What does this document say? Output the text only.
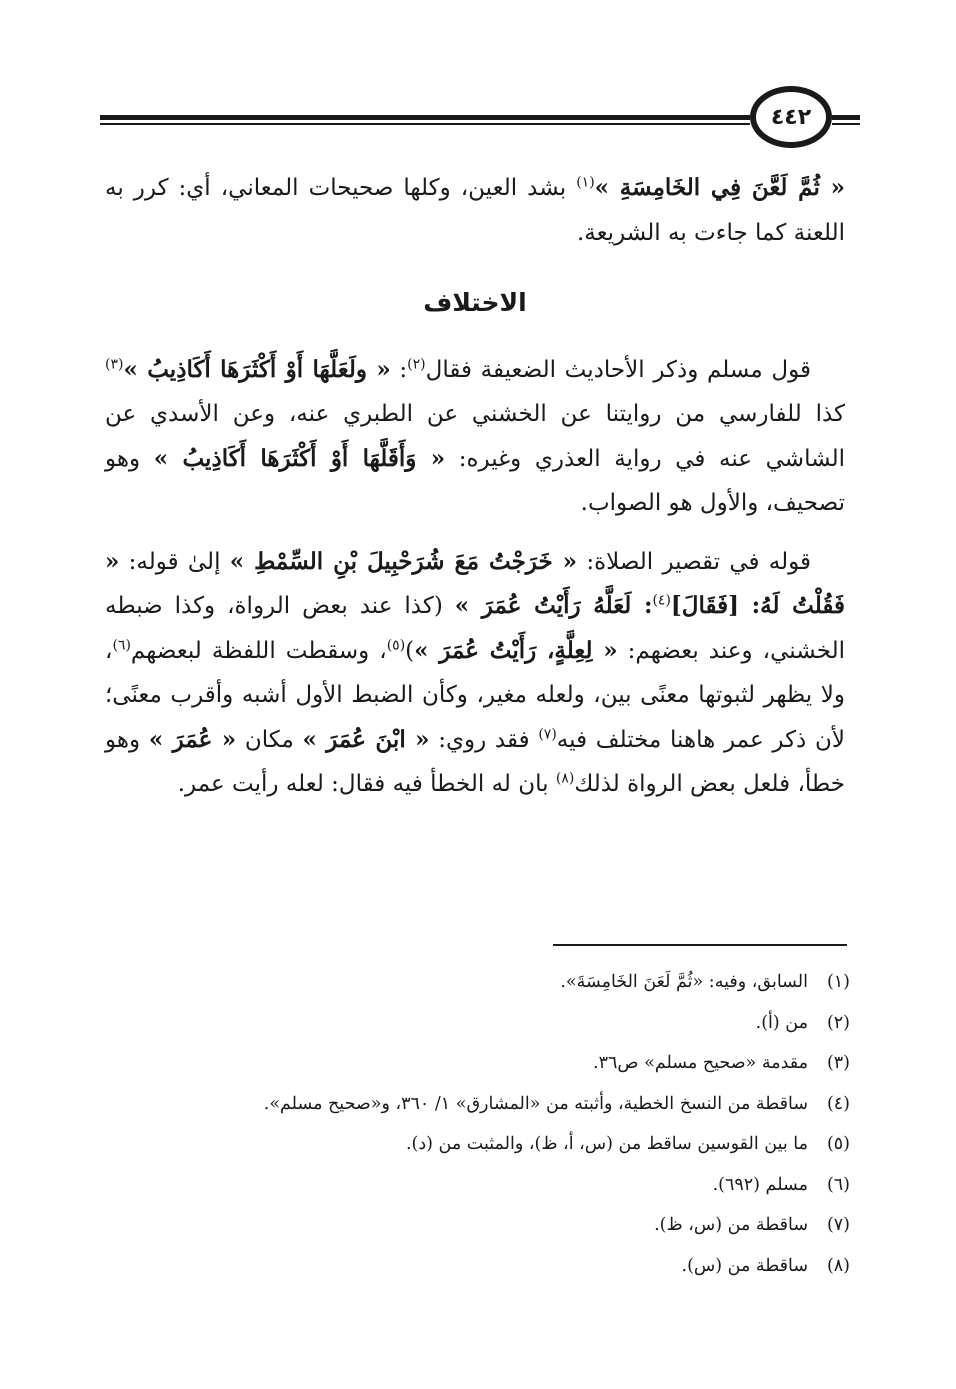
٤٤٢

« ثُمَّ لَعَّنَ فِي الخَامِسَةِ »$^{(١)}$ بشد العين، وكلها صحيحات المعاني، أي: كرر به اللعنة كما جاءت به الشريعة.

الاختلاف

قول مسلم وذكر الأحاديث الضعيفة فقال$^{(٢)}$: « ولَعَلَّهَا أَوْ أَكْثَرَهَا أَكَاذِيبُ »$^{(٣)}$ كذا للفارسي من روايتنا عن الخشني عن الطبري عنه، وعن الأسدي عن الشاشي عنه في رواية العذري وغيره: « وَأَقَلَّهَا أَوْ أَكْثَرَهَا أَكَاذِيبُ » وهو تصحيف، والأول هو الصواب.

قوله في تقصير الصلاة: « خَرَجْتُ مَعَ شُرَحْبِيلَ بْنِ السِّمْطِ » إلىٰ قوله: « فَقُلْتُ لَهُ: [فَقَالَ]$^{(٤)}$: لَعَلَّهُ رَأَيْتُ عُمَرَ » (كذا عند بعض الرواة، وكذا ضبطه الخشني، وعند بعضهم: « لِعِلَّةٍ، رَأَيْتُ عُمَرَ »)$^{(٥)}$، وسقطت اللفظة لبعضهم$^{(٦)}$، ولا يظهر لثبوتها معنًى بين، ولعله مغير، وكأن الضبط الأول أشبه وأقرب معنًى؛ لأن ذكر عمر هاهنا مختلف فيه$^{(٧)}$ فقد روي: « ابْنَ عُمَرَ » مكان « عُمَرَ » وهو خطأ، فلعل بعض الرواة لذلك$^{(٨)}$ بان له الخطأ فيه فقال: لعله رأيت عمر.

(١)
السابق، وفيه: «ثُمَّ لَعَنَ الخَامِسَةَ».
(٢)
من (أ).
(٣)
مقدمة «صحيح مسلم» ص٣٦.
(٤)
ساقطة من النسخ الخطية، وأثبته من «المشارق» ١/ ٣٦٠، و«صحيح مسلم».
(٥)
ما بين القوسين ساقط من (س، أ، ظ)، والمثبت من (د).
(٦)
مسلم (٦٩٢).
(٧)
ساقطة من (س، ظ).
(٨)
ساقطة من (س).
